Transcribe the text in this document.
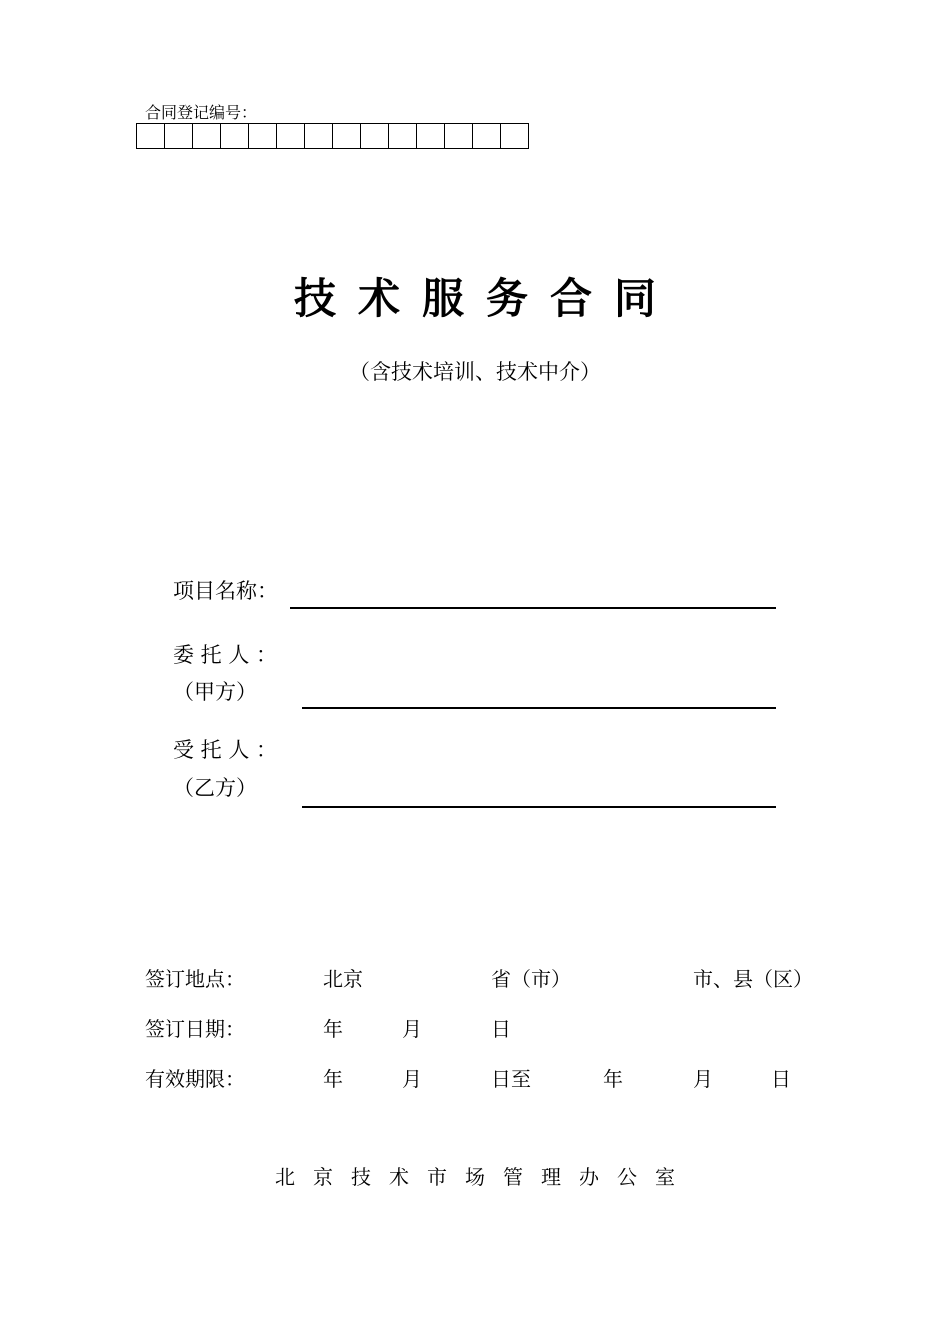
合同登记编号：
技术服务合同
（含技术培训、技术中介）
项目名称：
委 托 人 ：
（甲方）
受 托 人 ：
（乙方）
签订地点：	北京	省（市）	市、县（区）
签订日期：	年	月	日
有效期限：	年	月	日至	年	月	日
北京技术市场管理办公室
